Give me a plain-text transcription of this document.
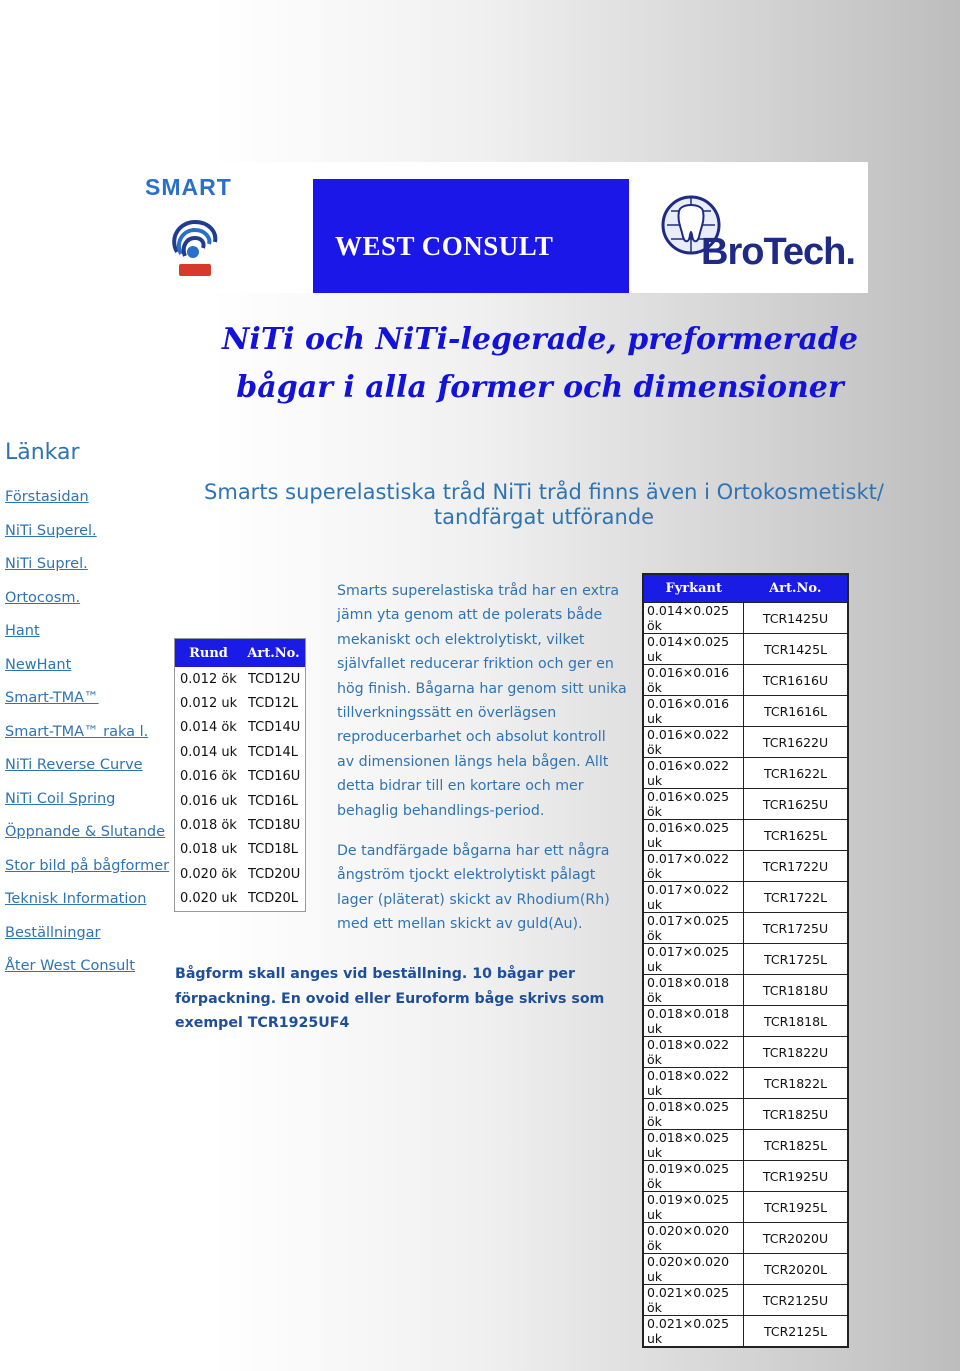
SMART
WEST CONSULT	BroTech.
NiTi och NiTi-legerade, preformerade
bågar i alla former och dimensioner
Länkar
Förstasidan
NiTi Superel.
NiTi Suprel.
Ortocosm.
Hant
NewHant
Smart-TMA™
Smart-TMA™ raka l.
NiTi Reverse Curve
NiTi Coil Spring
Öppnande & Slutande
Stor bild på bågformer
Teknisk Information
Beställningar
Åter West Consult
Smarts superelastiska tråd NiTi tråd finns även i Ortokosmetiskt/ tandfärgat utförande
Rund	Art.No.
0.012 ök	TCD12U
0.012 uk	TCD12L
0.014 ök	TCD14U
0.014 uk	TCD14L
0.016 ök	TCD16U
0.016 uk	TCD16L
0.018 ök	TCD18U
0.018 uk	TCD18L
0.020 ök	TCD20U
0.020 uk	TCD20L

Smarts superelastiska tråd har en extra jämn yta genom att de polerats både mekaniskt och elektrolytiskt, vilket självfallet reducerar friktion och ger en hög finish. Bågarna har genom sitt unika tillverkningssätt en överlägsen reproducerbarhet och absolut kontroll av dimensionen längs hela bågen. Allt detta bidrar till en kortare och mer behaglig behandlings-period.

De tandfärgade bågarna har ett några ångström tjockt elektrolytiskt pålagt lager (pläterat) skickt av Rhodium(Rh) med ett mellan skickt av guld(Au).

Bågform skall anges vid beställning. 10 bågar per förpackning. En ovoid eller Euroform båge skrivs som exempel TCR1925UF4

Fyrkant	Art.No.
0.014×0.025 ök	TCR1425U
0.014×0.025 uk	TCR1425L
0.016×0.016 ök	TCR1616U
0.016×0.016 uk	TCR1616L
0.016×0.022 ök	TCR1622U
0.016×0.022 uk	TCR1622L
0.016×0.025 ök	TCR1625U
0.016×0.025 uk	TCR1625L
0.017×0.022 ök	TCR1722U
0.017×0.022 uk	TCR1722L
0.017×0.025 ök	TCR1725U
0.017×0.025 uk	TCR1725L
0.018×0.018 ök	TCR1818U
0.018×0.018 uk	TCR1818L
0.018×0.022 ök	TCR1822U
0.018×0.022 uk	TCR1822L
0.018×0.025 ök	TCR1825U
0.018×0.025 uk	TCR1825L
0.019×0.025 ök	TCR1925U
0.019×0.025 uk	TCR1925L
0.020×0.020 ök	TCR2020U
0.020×0.020 uk	TCR2020L
0.021×0.025 ök	TCR2125U
0.021×0.025 uk	TCR2125L
